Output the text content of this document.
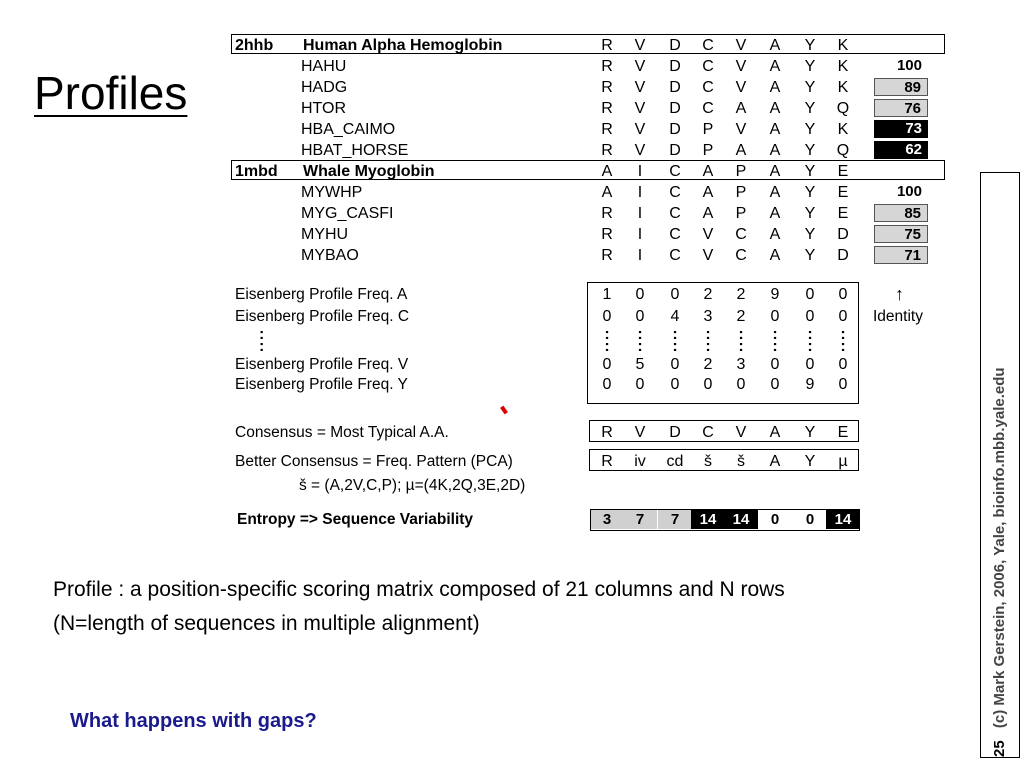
Profiles
2hhb Human Alpha Hemoglobin	R	V	D	C	V	A	Y	K
HAHU	R	V	D	C	V	A	Y	K	100
HADG	R	V	D	C	V	A	Y	K	89
HTOR	R	V	D	C	A	A	Y	Q	76
HBA_CAIMO	R	V	D	P	V	A	Y	K	73
HBAT_HORSE	R	V	D	P	A	A	Y	Q	62
1mbd Whale Myoglobin	A	I	C	A	P	A	Y	E
MYWHP	A	I	C	A	P	A	Y	E	100
MYG_CASFI	R	I	C	A	P	A	Y	E	85
MYHU	R	I	C	V	C	A	Y	D	75
MYBAO	R	I	C	V	C	A	Y	D	71
Eisenberg Profile Freq. A	1	0	0	2	2	9	0	0
Eisenberg Profile Freq. C	0	0	4	3	2	0	0	0
:	:	:	:	:	:	:	:	:
:	:	:	:	:	:	:	:	:
Eisenberg Profile Freq. V	0	5	0	2	3	0	0	0
Eisenberg Profile Freq. Y	0	0	0	0	0	0	9	0
↑
Identity
Consensus = Most Typical A.A.	R	V	D	C	V	A	Y	E
Better Consensus = Freq. Pattern (PCA)	R	iv	cd	š	š	A	Y	µ
š = (A,2V,C,P); µ=(4K,2Q,3E,2D)
Entropy => Sequence Variability	3	7	7	14	14	0	0	14
Profile : a position-specific scoring matrix composed of 21 columns and N rows (N=length of sequences in multiple alignment)
What happens with gaps?
25 (c) Mark Gerstein, 2006, Yale, bioinfo.mbb.yale.edu
